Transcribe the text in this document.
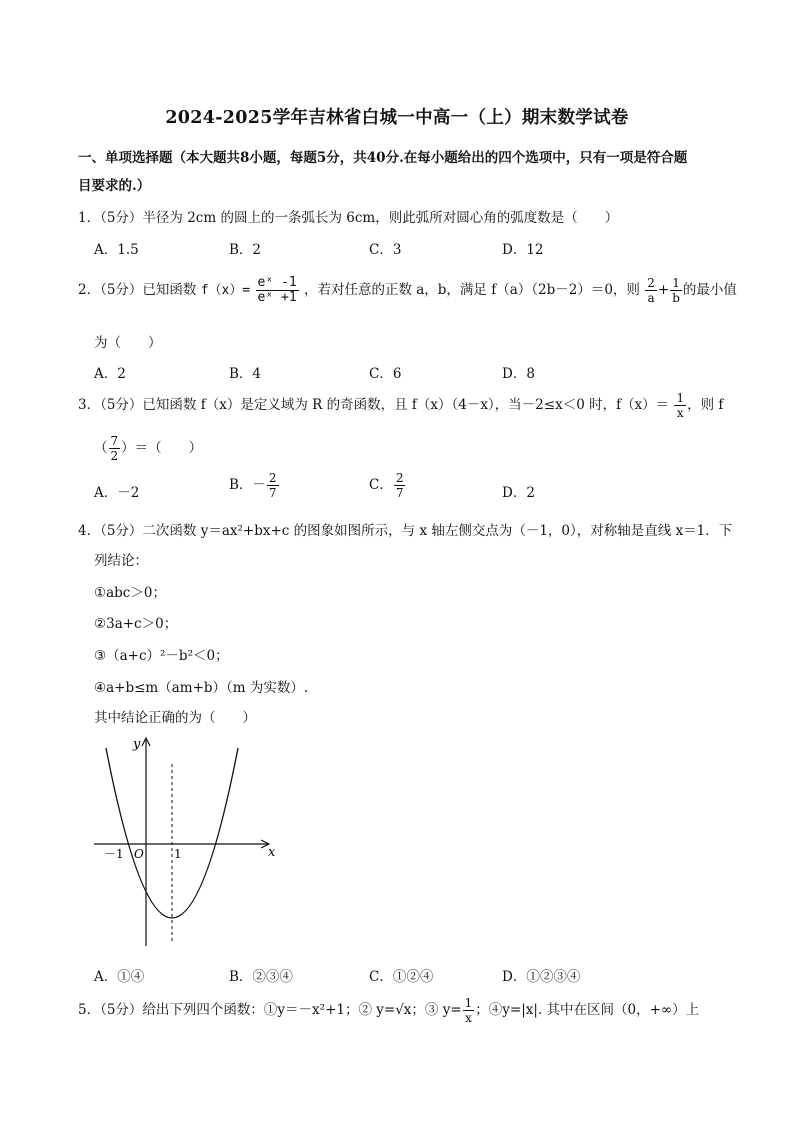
2024-2025学年吉林省白城一中高一（上）期末数学试卷
一、单项选择题（本大题共8小题，每题5分，共40分.在每小题给出的四个选项中，只有一项是符合题
目要求的.）
1．（5分）半径为 2cm 的圆上的一条弧长为 6cm，则此弧所对圆心角的弧度数是（　　）
A．1.5	B．2	C．3	D．12
2．（5分）已知函数 $f(x)= \frac{\text{eˣ -1}}{\text{eˣ +1}}$ ，若对任意的正数 a，b，满足 f（a）（2b－2）＝0，则 $\frac{2}{a} + \frac{1}{b}$ 的最小值
为（　　）
A．2	B．4	C．6	D．8
3．（5分）已知函数 f（x）是定义域为 R 的奇函数，且 f（x）（4－x），当－2≤x＜0 时，$f(x)= \frac{1}{x}$ ，则 f
（ $\frac{7}{2}$ ）＝（　　）
A．－2	B．－ $\frac{2}{7}$	C． $\frac{2}{7}$	D．2
4．（5分）二次函数 y＝ax²+bx+c 的图象如图所示，与 x 轴左侧交点为（－1，0），对称轴是直线 x＝1．下
列结论：
①abc＞0；
②3a+c＞0；
③（a+c）²－b²＜0；
④a+b≤m（am+b）（m 为实数）.
其中结论正确的为（　　）
y
x
－1 O	1
A．①④	B．②③④	C．①②④	D．①②③④
5．（5分）给出下列四个函数：①y＝－x²+1；② y=√x；③ $y= \frac{1}{x}$ ；④y=|x|. 其中在区间（0，+∞）上
